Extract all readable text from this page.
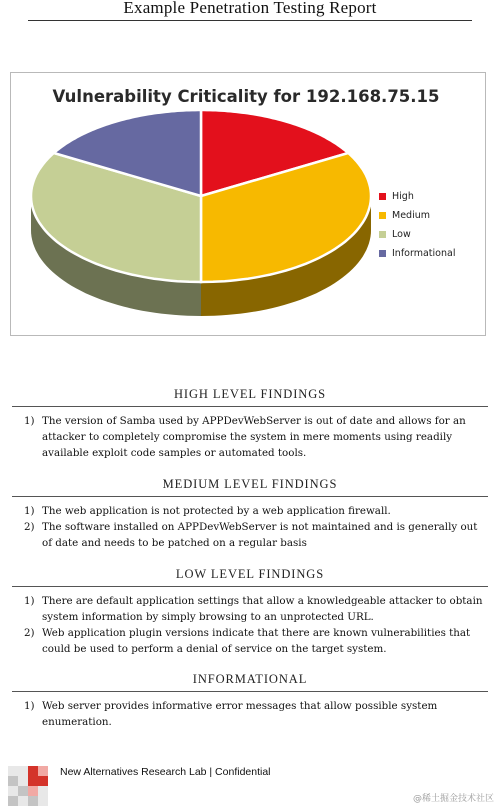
Example Penetration Testing Report
Vulnerability Criticality for 192.168.75.15
High
Medium
Low
Informational
HIGH LEVEL FINDINGS
1) The version of Samba used by APPDevWebServer is out of date and allows for an attacker to completely compromise the system in mere moments using readily available exploit code samples or automated tools.
MEDIUM LEVEL FINDINGS
1) The web application is not protected by a web application firewall.
2) The software installed on APPDevWebServer is not maintained and is generally out of date and needs to be patched on a regular basis
LOW LEVEL FINDINGS
1) There are default application settings that allow a knowledgeable attacker to obtain system information by simply browsing to an unprotected URL.
2) Web application plugin versions indicate that there are known vulnerabilities that could be used to perform a denial of service on the target system.
INFORMATIONAL
1) Web server provides informative error messages that allow possible system enumeration.
New Alternatives Research Lab | Confidential
@稀土掘金技术社区
